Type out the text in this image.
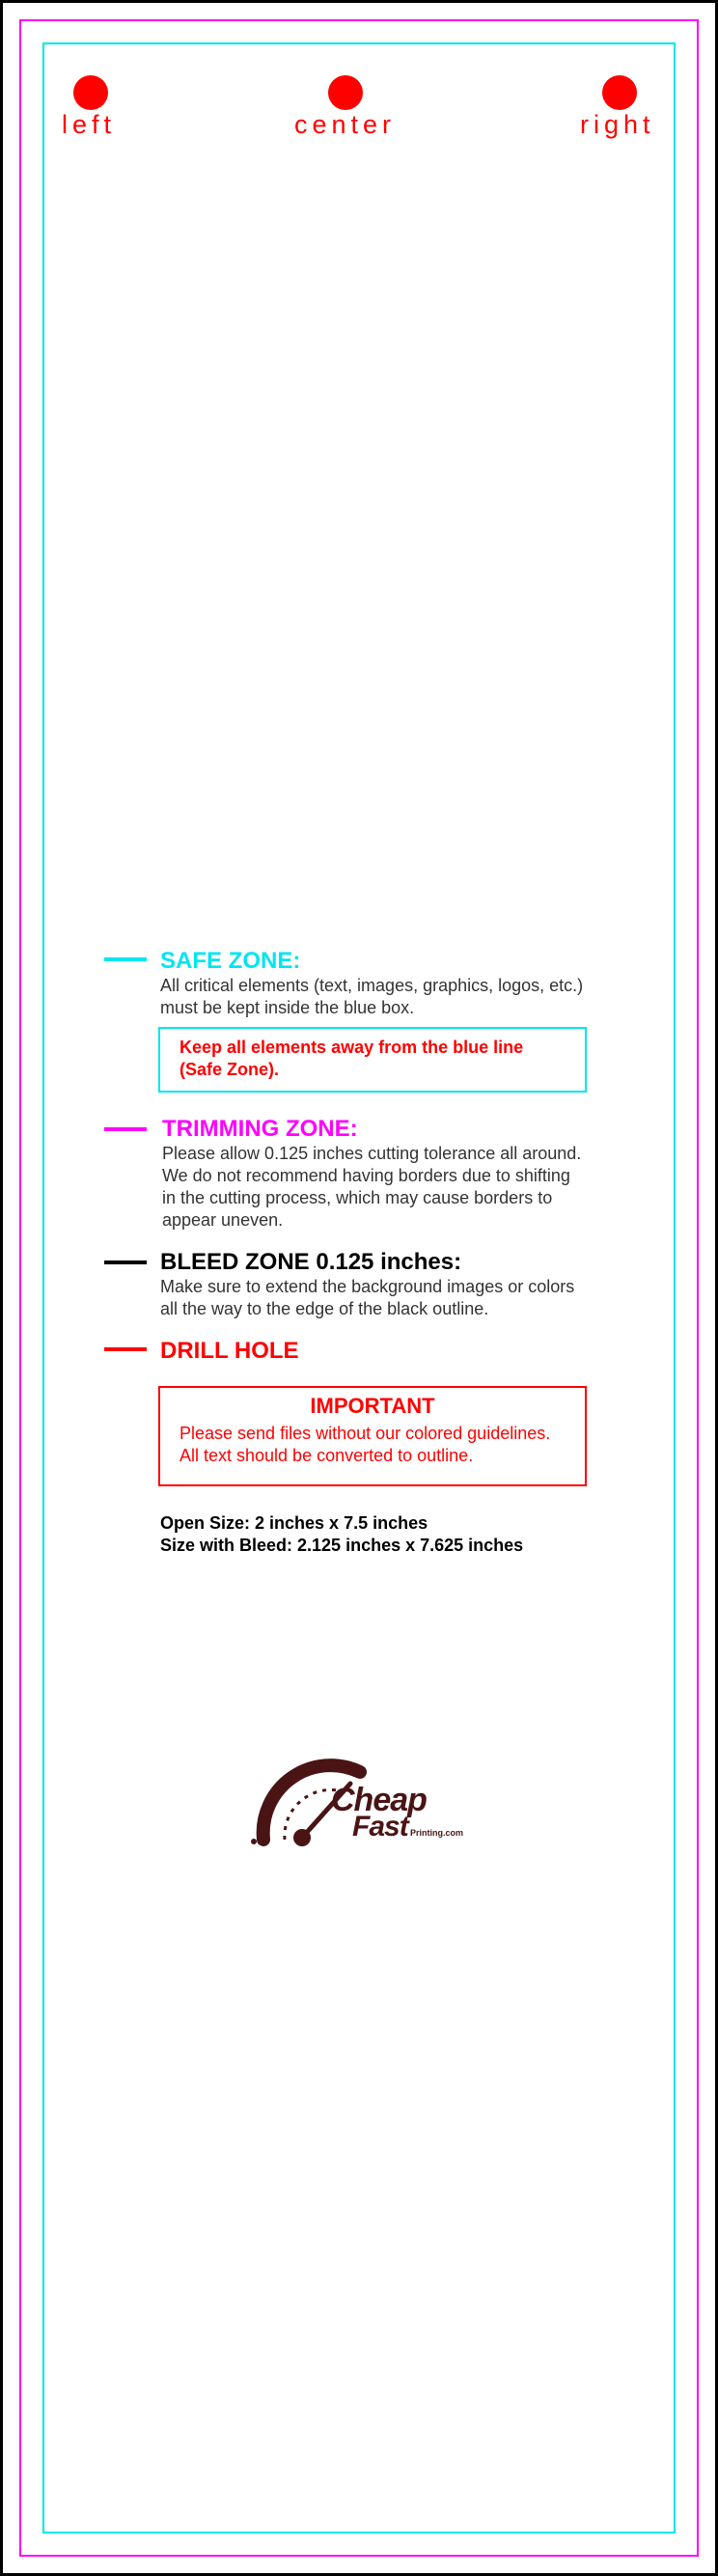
left	center	right
SAFE ZONE:
All critical elements (text, images, graphics, logos, etc.)
must be kept inside the blue box.
Keep all elements away from the blue line
(Safe Zone).
TRIMMING ZONE:
Please allow 0.125 inches cutting tolerance all around.
We do not recommend having borders due to shifting
in the cutting process, which may cause borders to
appear uneven.
BLEED ZONE 0.125 inches:
Make sure to extend the background images or colors
all the way to the edge of the black outline.
DRILL HOLE
IMPORTANT
Please send files without our colored guidelines.
All text should be converted to outline.
Open Size: 2 inches x 7.5 inches
Size with Bleed: 2.125 inches x 7.625 inches
Cheap
Fast Printing.com
